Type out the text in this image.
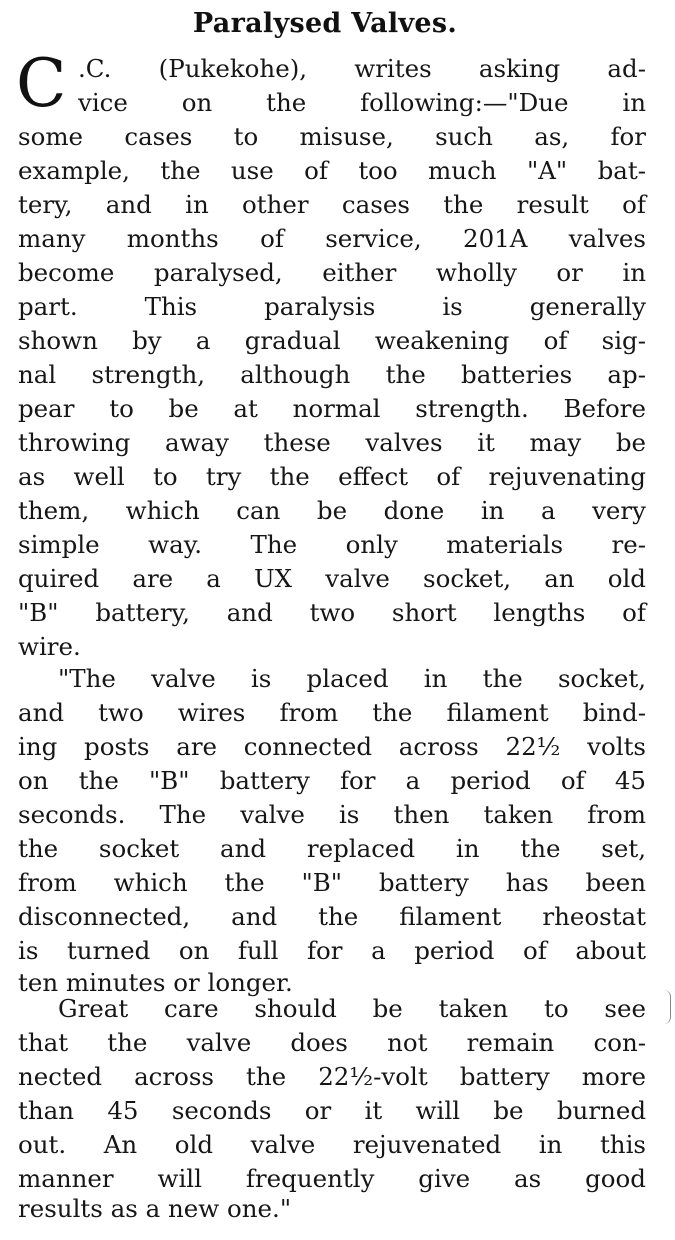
Paralysed Valves.
C .C. (Pukekohe), writes asking ad-
vice on the following:—"Due in
some cases to misuse, such as, for
example, the use of too much "A" bat-
tery, and in other cases the result of
many months of service, 201A valves
become paralysed, either wholly or in
part. This paralysis is generally
shown by a gradual weakening of sig-
nal strength, although the batteries ap-
pear to be at normal strength. Before
throwing away these valves it may be
as well to try the effect of rejuvenating
them, which can be done in a very
simple way. The only materials re-
quired are a UX valve socket, an old
"B" battery, and two short lengths of
wire.
"The valve is placed in the socket,
and two wires from the filament bind-
ing posts are connected across 22½ volts
on the "B" battery for a period of 45
seconds. The valve is then taken from
the socket and replaced in the set,
from which the "B" battery has been
disconnected, and the filament rheostat
is turned on full for a period of about
ten minutes or longer.
Great care should be taken to see
that the valve does not remain con-
nected across the 22½-volt battery more
than 45 seconds or it will be burned
out. An old valve rejuvenated in this
manner will frequently give as good
results as a new one."
